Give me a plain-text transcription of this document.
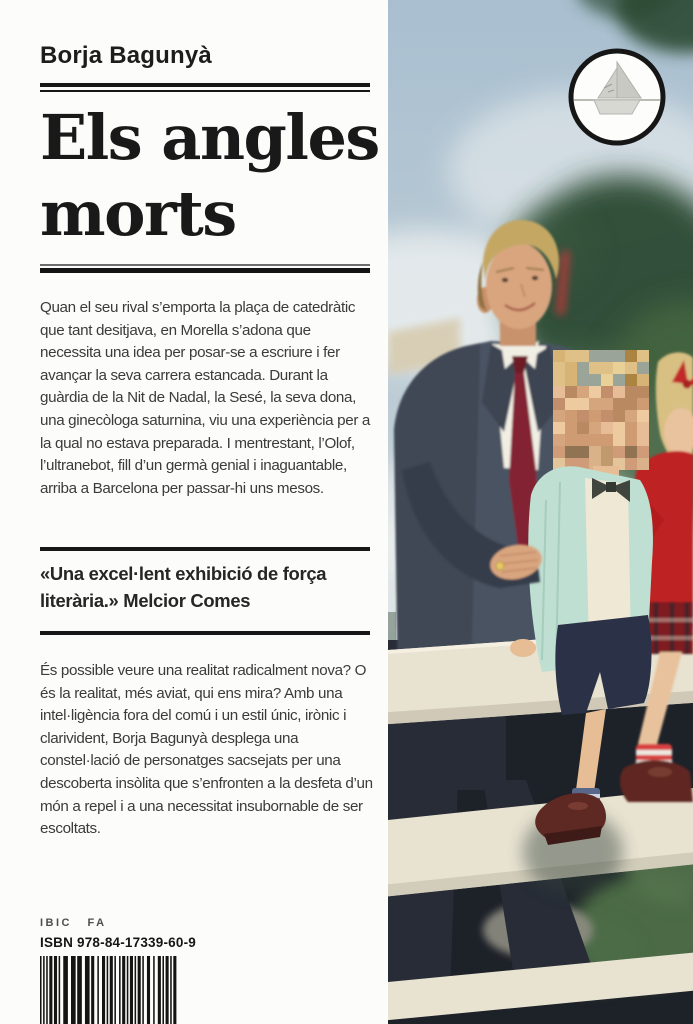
Borja Bagunyà
Els angles
morts
Quan el seu rival s’emporta la plaça de catedràtic que tant desitjava, en Morella s’adona que necessita una idea per posar-se a escriure i fer avançar la seva carrera estancada. Durant la guàrdia de la Nit de Nadal, la Sesé, la seva dona, una ginecòloga saturnina, viu una experiència per a la qual no estava preparada. I mentrestant, l’Olof, l’ultranebot, fill d’un germà genial i inaguantable, arriba a Barcelona per passar-hi uns mesos.
«Una excel·lent exhibició de força literària.» Melcior Comes
És possible veure una realitat radicalment nova? O és la realitat, més aviat, qui ens mira? Amb una intel·ligència fora del comú i un estil únic, irònic i clarivident, Borja Bagunyà desplega una constel·lació de personatges sacsejats per una descoberta insòlita que s’enfronten a la desfeta d’un món a repel i a una necessitat insubornable de ser escoltats.
IBIC FA
ISBN 978-84-17339-60-9
